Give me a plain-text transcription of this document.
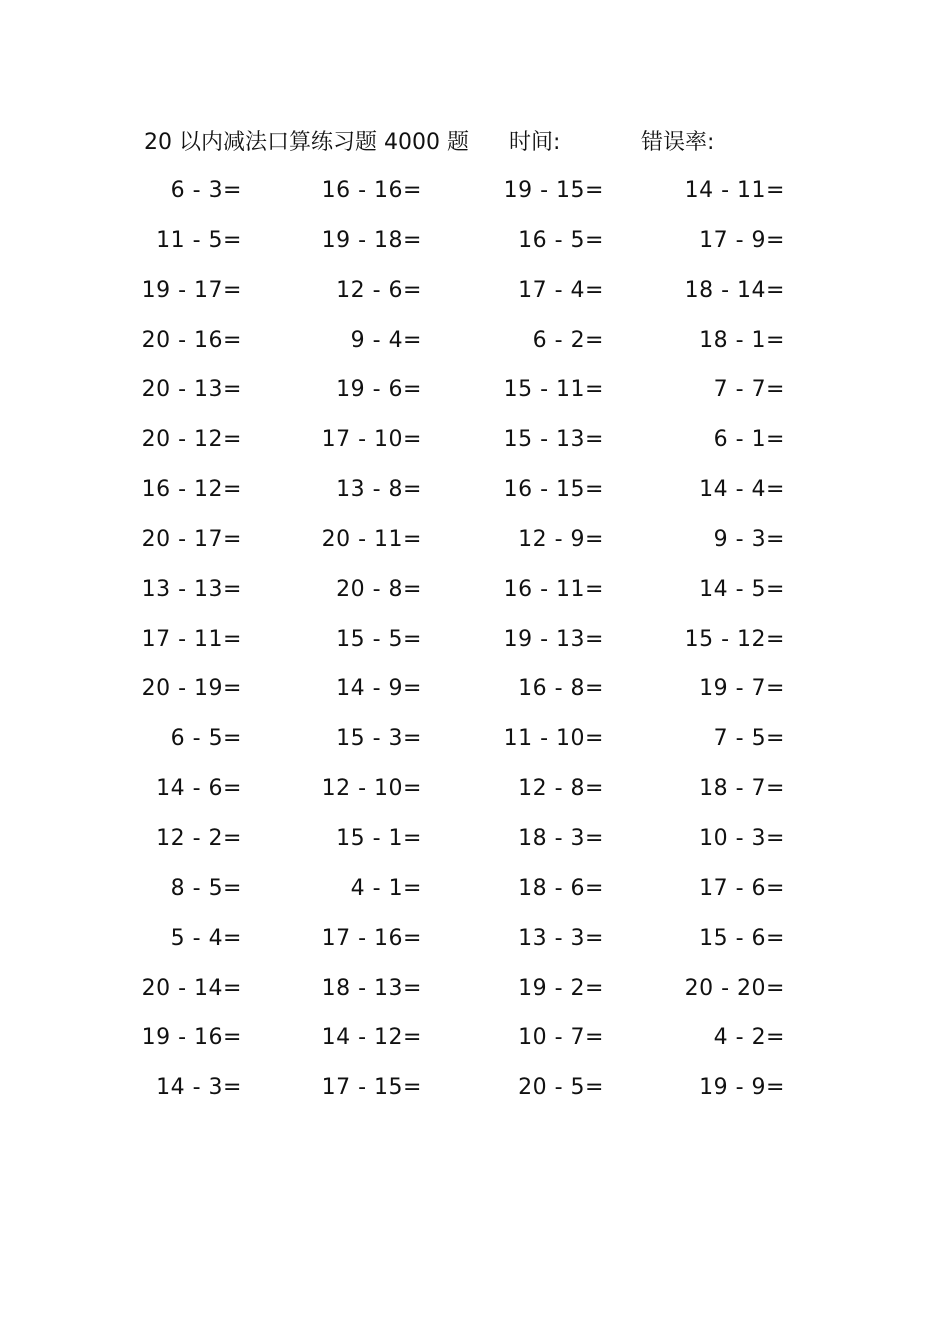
20 以内减法口算练习题 4000 题 时间:	错误率:
6 - 3=	16 - 16=	19 - 15=	14 - 11=
11 - 5=	19 - 18=	16 - 5=	17 - 9=
19 - 17=	12 - 6=	17 - 4=	18 - 14=
20 - 16=	9 - 4=	6 - 2=	18 - 1=
20 - 13=	19 - 6=	15 - 11=	7 - 7=
20 - 12=	17 - 10=	15 - 13=	6 - 1=
16 - 12=	13 - 8=	16 - 15=	14 - 4=
20 - 17=	20 - 11=	12 - 9=	9 - 3=
13 - 13=	20 - 8=	16 - 11=	14 - 5=
17 - 11=	15 - 5=	19 - 13=	15 - 12=
20 - 19=	14 - 9=	16 - 8=	19 - 7=
6 - 5=	15 - 3=	11 - 10=	7 - 5=
14 - 6=	12 - 10=	12 - 8=	18 - 7=
12 - 2=	15 - 1=	18 - 3=	10 - 3=
8 - 5=	4 - 1=	18 - 6=	17 - 6=
5 - 4=	17 - 16=	13 - 3=	15 - 6=
20 - 14=	18 - 13=	19 - 2=	20 - 20=
19 - 16=	14 - 12=	10 - 7=	4 - 2=
14 - 3=	17 - 15=	20 - 5=	19 - 9=
